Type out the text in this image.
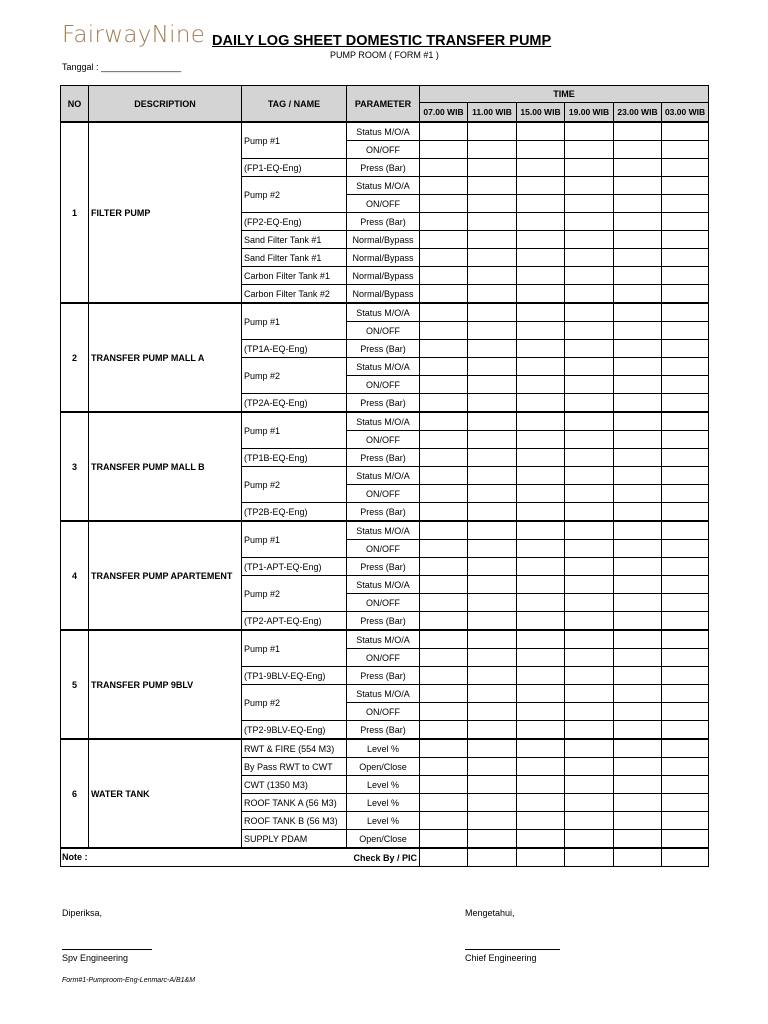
FairwayNine DAILY LOG SHEET DOMESTIC TRANSFER PUMP
PUMP ROOM ( FORM #1 )
Tanggal : ________________
NO	DESCRIPTION	TAG / NAME	PARAMETER	TIME					
				07.00 WIB	11.00 WIB	15.00 WIB	19.00 WIB	23.00 WIB	03.00 WIB
1	FILTER PUMP	Pump #1	Status M/O/A						
			ON/OFF						
		(FP1-EQ-Eng)	Press (Bar)						
		Pump #2	Status M/O/A						
			ON/OFF						
		(FP2-EQ-Eng)	Press (Bar)						
		Sand Filter Tank #1	Normal/Bypass						
		Sand Filter Tank #1	Normal/Bypass						
		Carbon Filter Tank #1	Normal/Bypass						
		Carbon Filter Tank #2	Normal/Bypass						
2	TRANSFER PUMP MALL A	Pump #1	Status M/O/A						
			ON/OFF						
		(TP1A-EQ-Eng)	Press (Bar)						
		Pump #2	Status M/O/A						
			ON/OFF						
		(TP2A-EQ-Eng)	Press (Bar)						
3	TRANSFER PUMP MALL B	Pump #1	Status M/O/A						
			ON/OFF						
		(TP1B-EQ-Eng)	Press (Bar)						
		Pump #2	Status M/O/A						
			ON/OFF						
		(TP2B-EQ-Eng)	Press (Bar)						
4	TRANSFER PUMP APARTEMENT	Pump #1	Status M/O/A						
			ON/OFF						
		(TP1-APT-EQ-Eng)	Press (Bar)						
		Pump #2	Status M/O/A						
			ON/OFF						
		(TP2-APT-EQ-Eng)	Press (Bar)						
5	TRANSFER PUMP 9BLV	Pump #1	Status M/O/A						
			ON/OFF						
		(TP1-9BLV-EQ-Eng)	Press (Bar)						
		Pump #2	Status M/O/A						
			ON/OFF						
		(TP2-9BLV-EQ-Eng)	Press (Bar)						
6	WATER TANK	RWT & FIRE (554 M3)	Level %						
		By Pass RWT to CWT	Open/Close						
		CWT (1350 M3)	Level %						
		ROOF TANK A (56 M3)	Level %						
		ROOF TANK B (56 M3)	Level %						
		SUPPLY PDAM	Open/Close						
Check By / PIC									
Note :
Diperiksa,
Spv Engineering
Mengetahui,
Chief Engineering
Form#1-Pumproom-Eng-Lenmarc-A/B1&M
